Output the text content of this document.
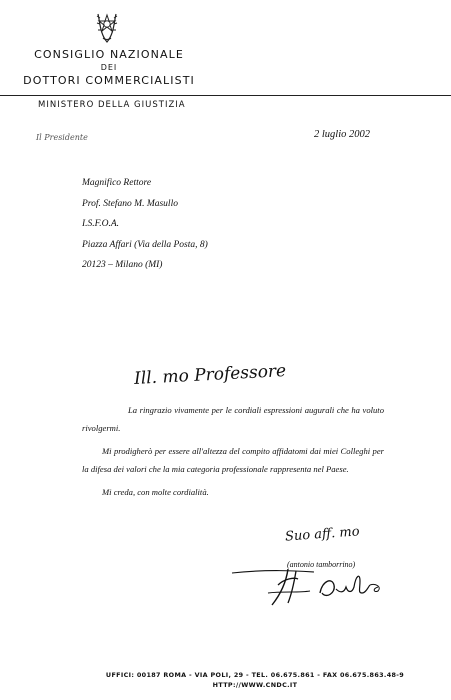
CONSIGLIO NAZIONALE
DEI
DOTTORI COMMERCIALISTI
MINISTERO DELLA GIUSTIZIA
Il Presidente	2 luglio 2002
Magnifico Rettore
Prof. Stefano M. Masullo
I.S.F.O.A.
Piazza Affari (Via della Posta, 8)
20123 – Milano (MI)
Ill. mo Professore

La ringrazio vivamente per le cordiali espressioni augurali che ha voluto rivolgermi.

Mi prodigherò per essere all'altezza del compito affidatomi dai miei Colleghi per la difesa dei valori che la mia categoria professionale rappresenta nel Paese.

Mi creda, con molte cordialità.

Suo aff. mo
(antonio tamborrino)
UFFICI: 00187 ROMA - VIA POLI, 29 - TEL. 06.675.861 - FAX 06.675.863.48-9
HTTP://WWW.CNDC.IT
